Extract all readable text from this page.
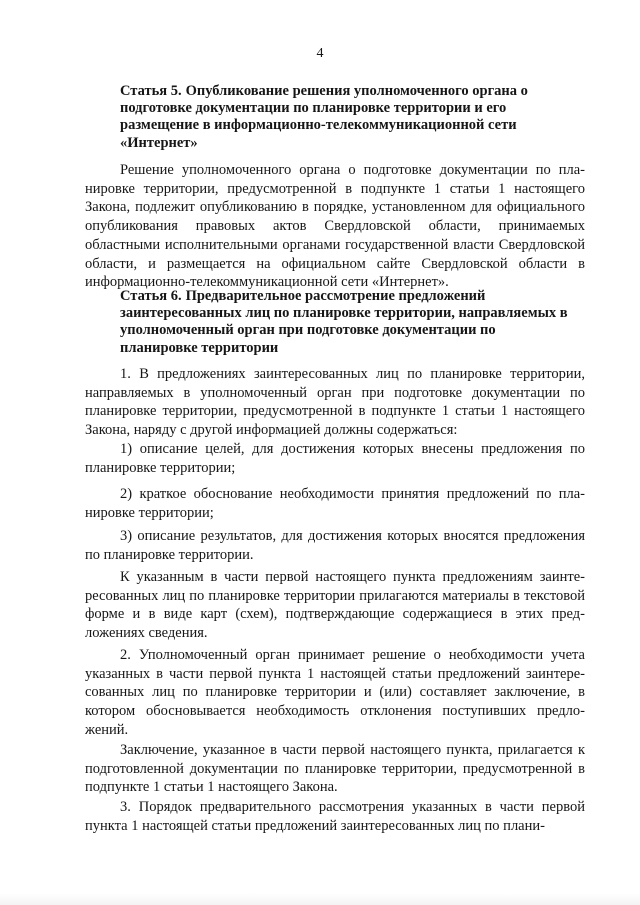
4
Статья 5. Опубликование решения уполномоченного органа о подготовке документации по планировке территории и его размещение в информационно-телекоммуникационной сети «Интернет»
Решение уполномоченного органа о подготовке документации по планировке территории, предусмотренной в подпункте 1 статьи 1 настоящего Закона, подлежит опубликованию в порядке, установленном для официального опубликования правовых актов Свердловской области, принимаемых областными исполнительными органами государственной власти Свердловской области, и размещается на официальном сайте Свердловской области в информационно-телекоммуникационной сети «Интернет».
Статья 6. Предварительное рассмотрение предложений заинтересованных лиц по планировке территории, направляемых в уполномоченный орган при подготовке документации по планировке территории
1. В предложениях заинтересованных лиц по планировке территории, направляемых в уполномоченный орган при подготовке документации по планировке территории, предусмотренной в подпункте 1 статьи 1 настоящего Закона, наряду с другой информацией должны содержаться:
1) описание целей, для достижения которых внесены предложения по планировке территории;
2) краткое обоснование необходимости принятия предложений по планировке территории;
3) описание результатов, для достижения которых вносятся предложения по планировке территории.
К указанным в части первой настоящего пункта предложениям заинтересованных лиц по планировке территории прилагаются материалы в текстовой форме и в виде карт (схем), подтверждающие содержащиеся в этих предложениях сведения.
2. Уполномоченный орган принимает решение о необходимости учета указанных в части первой пункта 1 настоящей статьи предложений заинтересованных лиц по планировке территории и (или) составляет заключение, в котором обосновывается необходимость отклонения поступивших предложений.
Заключение, указанное в части первой настоящего пункта, прилагается к подготовленной документации по планировке территории, предусмотренной в подпункте 1 статьи 1 настоящего Закона.
3. Порядок предварительного рассмотрения указанных в части первой пункта 1 настоящей статьи предложений заинтересованных лиц по плани-
